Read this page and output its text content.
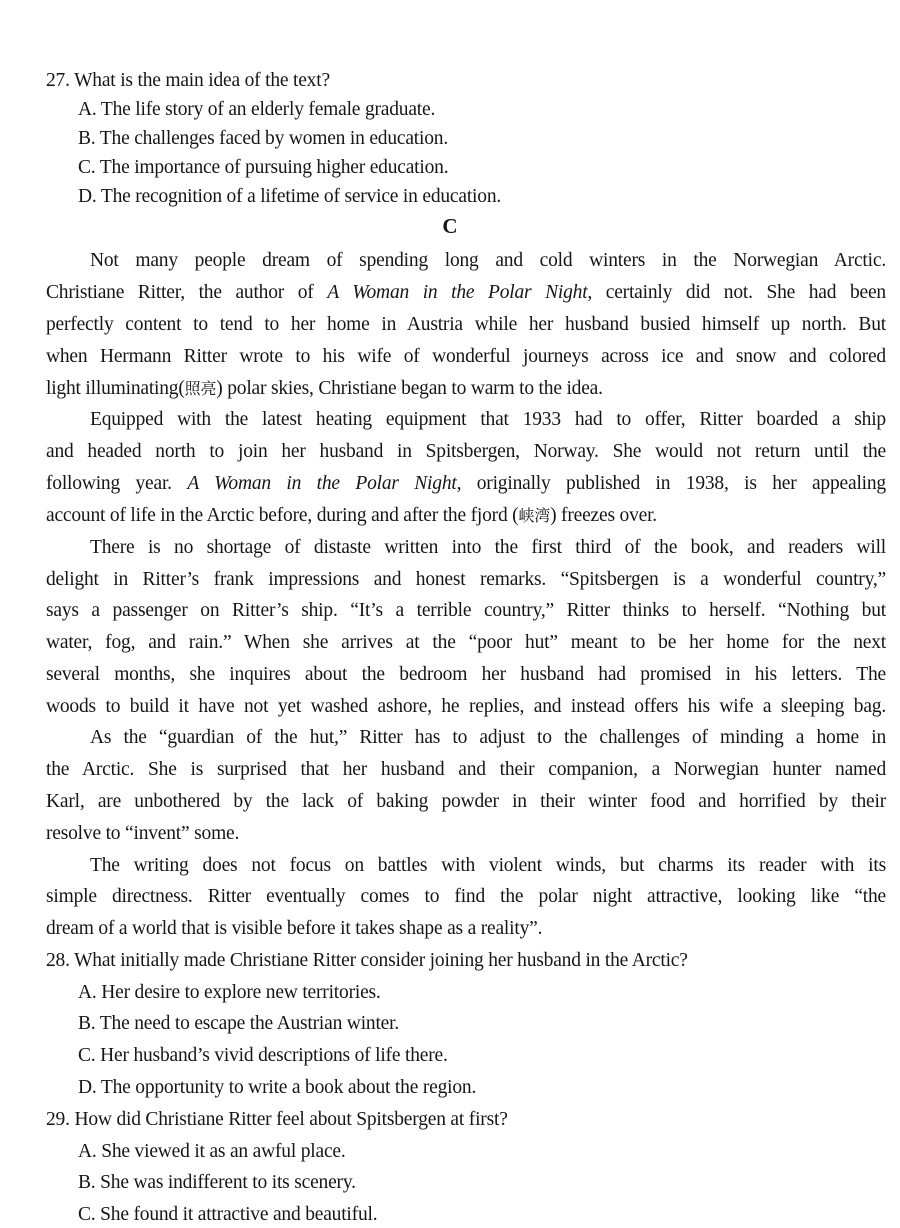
27. What is the main idea of the text?
A. The life story of an elderly female graduate.
B. The challenges faced by women in education.
C. The importance of pursuing higher education.
D. The recognition of a lifetime of service in education.
C
Not many people dream of spending long and cold winters in the Norwegian Arctic.
Christiane Ritter, the author of A Woman in the Polar Night, certainly did not. She had been
perfectly content to tend to her home in Austria while her husband busied himself up north. But
when Hermann Ritter wrote to his wife of wonderful journeys across ice and snow and colored
light illuminating(照亮) polar skies, Christiane began to warm to the idea.
Equipped with the latest heating equipment that 1933 had to offer, Ritter boarded a ship
and headed north to join her husband in Spitsbergen, Norway. She would not return until the
following year. A Woman in the Polar Night, originally published in 1938, is her appealing
account of life in the Arctic before, during and after the fjord (峡湾) freezes over.
There is no shortage of distaste written into the first third of the book, and readers will
delight in Ritter’s frank impressions and honest remarks. “Spitsbergen is a wonderful country,”
says a passenger on Ritter’s ship. “It’s a terrible country,” Ritter thinks to herself. “Nothing but
water, fog, and rain.” When she arrives at the “poor hut” meant to be her home for the next
several months, she inquires about the bedroom her husband had promised in his letters. The
woods to build it have not yet washed ashore, he replies, and instead offers his wife a sleeping bag.
As the “guardian of the hut,” Ritter has to adjust to the challenges of minding a home in
the Arctic. She is surprised that her husband and their companion, a Norwegian hunter named
Karl, are unbothered by the lack of baking powder in their winter food and horrified by their
resolve to “invent” some.
The writing does not focus on battles with violent winds, but charms its reader with its
simple directness. Ritter eventually comes to find the polar night attractive, looking like “the
dream of a world that is visible before it takes shape as a reality”.
28. What initially made Christiane Ritter consider joining her husband in the Arctic?
A. Her desire to explore new territories.
B. The need to escape the Austrian winter.
C. Her husband’s vivid descriptions of life there.
D. The opportunity to write a book about the region.
29. How did Christiane Ritter feel about Spitsbergen at first?
A. She viewed it as an awful place.
B. She was indifferent to its scenery.
C. She found it attractive and beautiful.
